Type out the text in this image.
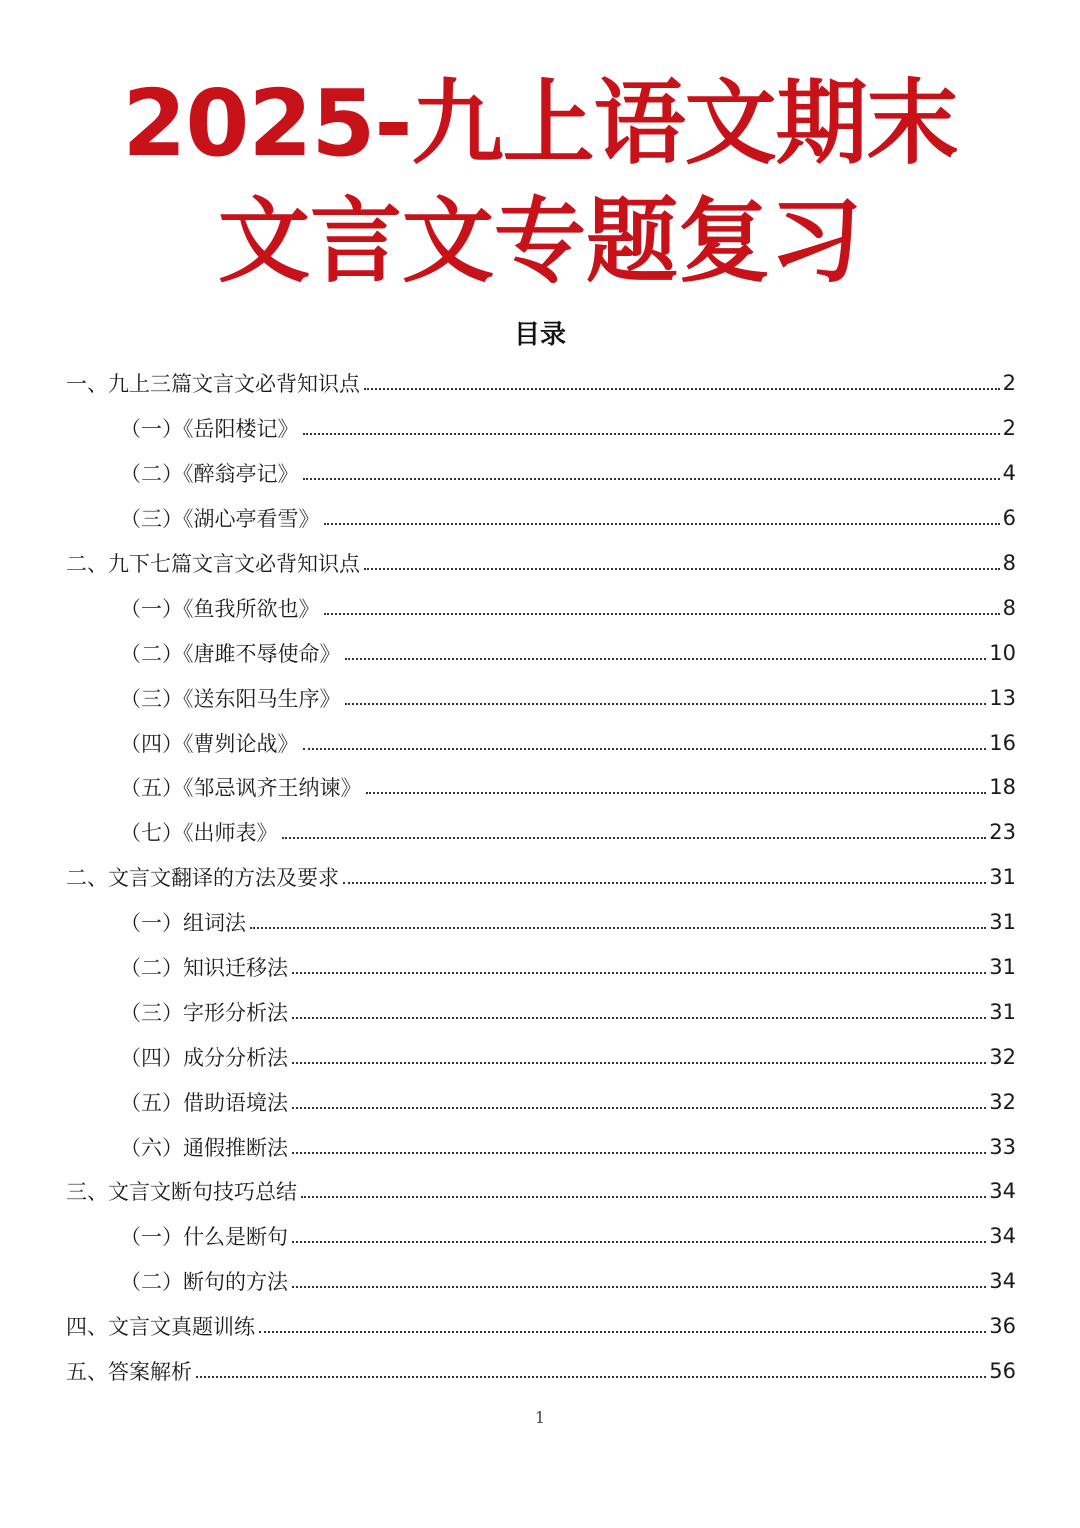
2025-九上语文期末
文言文专题复习
目录
一、九上三篇文言文必背知识点	2
（一）《岳阳楼记》	2
（二）《醉翁亭记》	4
（三）《湖心亭看雪》	6
二、九下七篇文言文必背知识点	8
（一）《鱼我所欲也》	8
（二）《唐雎不辱使命》	10
（三）《送东阳马生序》	13
（四）《曹刿论战》	16
（五）《邹忌讽齐王纳谏》	18
（七）《出师表》	23
二、文言文翻译的方法及要求	31
（一）组词法	31
（二）知识迁移法	31
（三）字形分析法	31
（四）成分分析法	32
（五）借助语境法	32
（六）通假推断法	33
三、文言文断句技巧总结	34
（一）什么是断句	34
（二）断句的方法	34
四、文言文真题训练	36
五、答案解析	56
1
